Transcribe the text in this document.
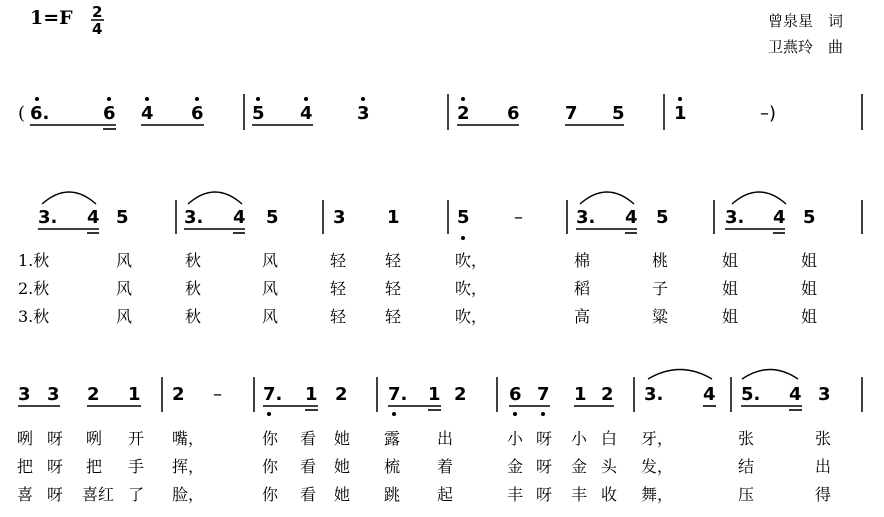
1=F 2
4	曾泉星　词
卫燕玲　曲
( 6.	6 4 6	5 4 3	2 6	7 5	1	–)
3. 4 5	3. 4 5	3 1	5 –	3. 4 5	3. 4 5
1.秋	风	秋	风	轻 轻	吹，	棉	桃	姐	姐
2.秋	风	秋	风	轻 轻	吹，	稻	子	姐	姐
3.秋	风	秋	风	轻 轻	吹，	高	粱	姐	姐
3 3 2 1 2 – 7. 1 2 7. 1 2 6 7 1 2 3. 4 5. 4 3
咧 呀 咧 开 嘴，	你 看 她 露 出	小 呀 小 白 牙，	张	张
把 呀 把 手 挥，	你 看 她 梳 着	金 呀 金 头 发，	结	出
喜 呀 喜红 了 脸，	你 看 她 跳 起	丰 呀 丰 收 舞，	压	得
